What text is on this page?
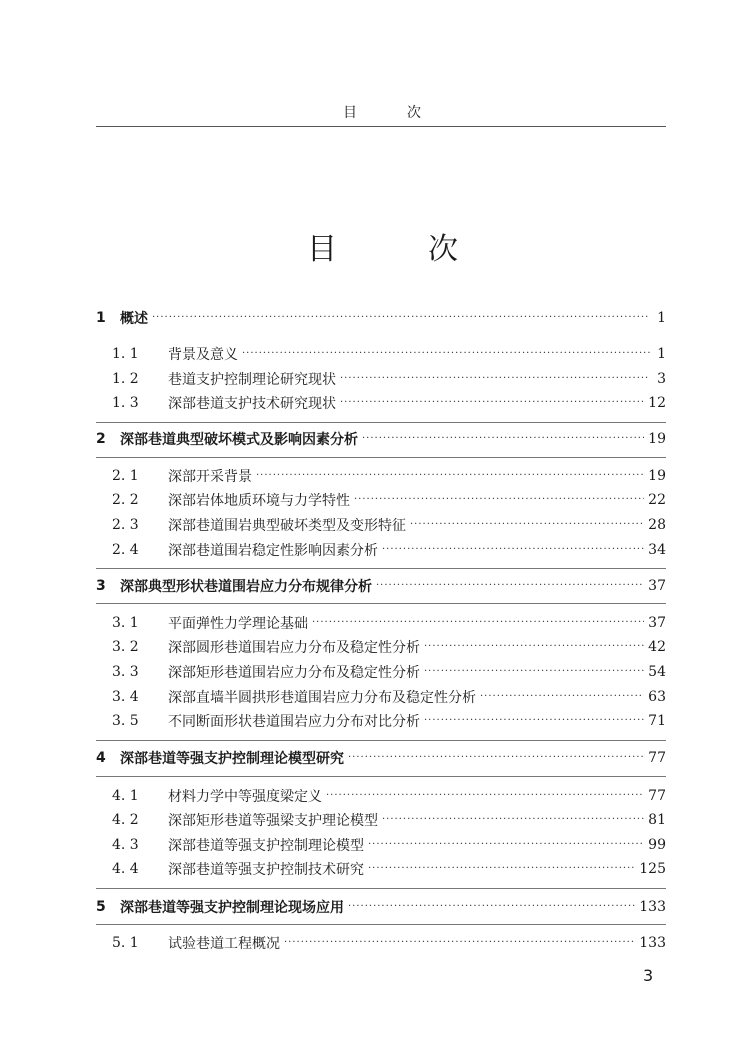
目	次
目	次
1	概述 ·····	1
1. 1	背景及意义 ·····	1
1. 2	巷道支护控制理论研究现状 ·····	3
1. 3	深部巷道支护技术研究现状 ·····	12
2	深部巷道典型破坏模式及影响因素分析 ·····	19
2. 1	深部开采背景 ·····	19
2. 2	深部岩体地质环境与力学特性 ·····	22
2. 3	深部巷道围岩典型破坏类型及变形特征 ·····	28
2. 4	深部巷道围岩稳定性影响因素分析 ·····	34
3	深部典型形状巷道围岩应力分布规律分析 ·····	37
3. 1	平面弹性力学理论基础 ·····	37
3. 2	深部圆形巷道围岩应力分布及稳定性分析 ·····	42
3. 3	深部矩形巷道围岩应力分布及稳定性分析 ·····	54
3. 4	深部直墙半圆拱形巷道围岩应力分布及稳定性分析 ·····	63
3. 5	不同断面形状巷道围岩应力分布对比分析 ·····	71
4	深部巷道等强支护控制理论模型研究 ·····	77
4. 1	材料力学中等强度梁定义 ·····	77
4. 2	深部矩形巷道等强梁支护理论模型 ·····	81
4. 3	深部巷道等强支护控制理论模型 ·····	99
4. 4	深部巷道等强支护控制技术研究 ·····	125
5	深部巷道等强支护控制理论现场应用 ·····	133
5. 1	试验巷道工程概况 ·····	133
3
